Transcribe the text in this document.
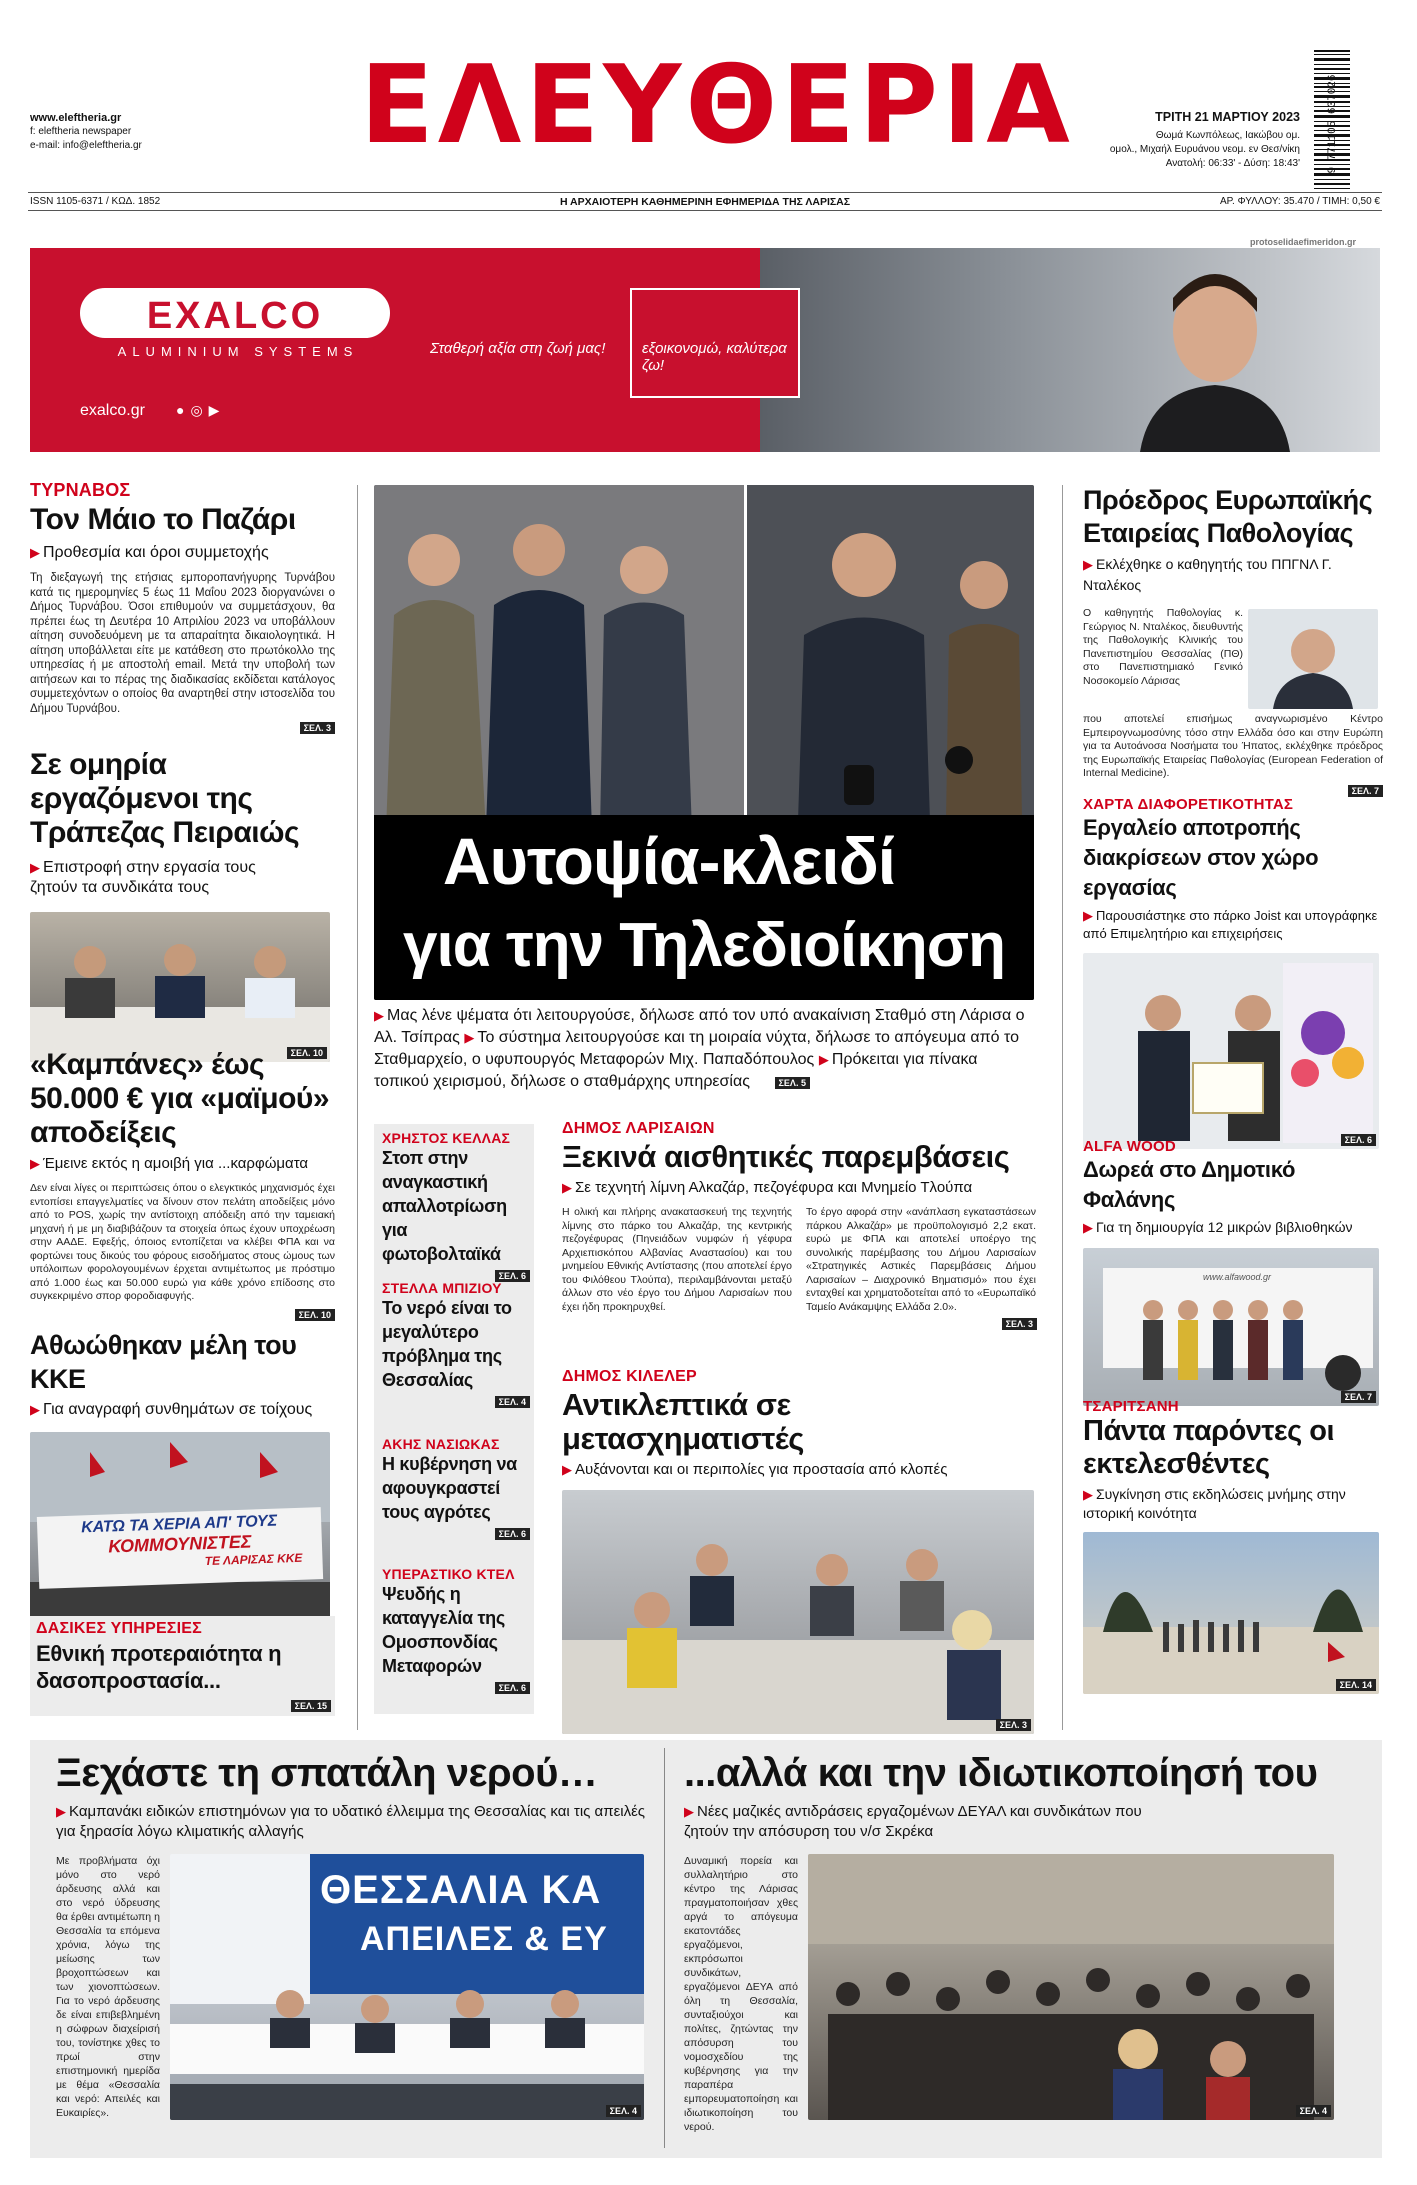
www.eleftheria.gr
f: eleftheria newspaper
e-mail: info@eleftheria.gr ΕΛΕΥΘΕΡΙΑ	ΤΡΙΤΗ 21 ΜΑΡΤΙΟΥ 2023
Θωμά Κωνπόλεως, Ιακώβου ομ.
ομολ., Μιχαήλ Ευρυάνου νεομ. εν Θεσ/νίκη
Ανατολή: 06:33' - Δύση: 18:43' 9 771105 637026
ISSN 1105-6371 / ΚΩΔ. 1852	Η ΑΡΧΑΙΟΤΕΡΗ ΚΑΘΗΜΕΡΙΝΗ ΕΦΗΜΕΡΙΔΑ ΤΗΣ ΛΑΡΙΣΑΣ	ΑΡ. ΦΥΛΛΟΥ: 35.470 / ΤΙΜΗ: 0,50 €
protoselidaefimeridon.gr
EXALCO
ALUMINIUM SYSTEMS
exalco.gr ●◎▶
Σταθερή αξία στη ζωή μας!	εξοικονομώ, καλύτερα ζω!
ΤΥΡΝΑΒΟΣ
Τον Μάιο το Παζάρι
▶ Προθεσμία και όροι συμμετοχής
Τη διεξαγωγή της ετήσιας εμποροπανήγυρης Τυρνάβου κατά τις ημερομηνίες 5 έως 11 Μαΐου 2023 διοργανώνει ο Δήμος Τυρνάβου. Όσοι επιθυμούν να συμμετάσχουν, θα πρέπει έως τη Δευτέρα 10 Απριλίου 2023 να υποβάλλουν αίτηση συνοδευόμενη με τα απαραίτητα δικαιολογητικά. Η αίτηση υποβάλλεται είτε με κατάθεση στο πρωτόκολλο της υπηρεσίας ή με αποστολή email. Μετά την υποβολή των αιτήσεων και το πέρας της διαδικασίας εκδίδεται κατάλογος συμμετεχόντων ο οποίος θα αναρτηθεί στην ιστοσελίδα του Δήμου Τυρνάβου.
ΣΕΛ. 3
Σε ομηρία εργαζόμενοι της Τράπεζας Πειραιώς
▶ Επιστροφή στην εργασία τους ζητούν τα συνδικάτα τους
ΣΕΛ. 10
«Καμπάνες» έως 50.000 € για «μαϊμού» αποδείξεις
▶ Έμεινε εκτός η αμοιβή για ...καρφώματα
Δεν είναι λίγες οι περιπτώσεις όπου ο ελεγκτικός μηχανισμός έχει εντοπίσει επαγγελματίες να δίνουν στον πελάτη αποδείξεις μόνο από το POS, χωρίς την αντίστοιχη απόδειξη από την ταμειακή μηχανή ή με μη διαβιβάζουν τα στοιχεία όπως έχουν υποχρέωση στην ΑΑΔΕ. Εφεξής, όποιος εντοπίζεται να κλέβει ΦΠΑ και να φορτώνει τους δικούς του φόρους εισοδήματος στους ώμους των υπόλοιπων φορολογουμένων έρχεται αντιμέτωπος με πρόστιμο από 1.000 έως και 50.000 ευρώ για κάθε χρόνο επίδοσης στο συγκεκριμένο σπορ φοροδιαφυγής.
ΣΕΛ. 10
Αθωώθηκαν μέλη του ΚΚΕ
▶ Για αναγραφή συνθημάτων σε τοίχους
ΚΑΤΩ ΤΑ ΧΕΡΙΑ ΑΠ' ΤΟΥΣ
ΚΟΜΜΟΥΝΙΣΤΕΣ
ΤΕ ΛΑΡΙΣΑΣ ΚΚΕ
ΔΑΣΙΚΕΣ ΥΠΗΡΕΣΙΕΣ
Εθνική προτεραιότητα η δασοπροστασία...
ΣΕΛ. 15
Αυτοψία-κλειδί
για την Τηλεδιοίκηση
▶ Μας λένε ψέματα ότι λειτουργούσε, δήλωσε από τον υπό ανακαίνιση Σταθμό στη Λάρισα ο Αλ. Τσίπρας ▶ Το σύστημα λειτουργούσε και τη μοιραία νύχτα, δήλωσε το απόγευμα από το Σταθμαρχείο, ο υφυπουργός Μεταφορών Μιχ. Παπαδόπουλος ▶ Πρόκειται για πίνακα τοπικού χειρισμού, δήλωσε ο σταθμάρχης υπηρεσίας	ΣΕΛ. 5
ΧΡΗΣΤΟΣ ΚΕΛΛΑΣ
Στοπ στην αναγκαστική απαλλοτρίωση για φωτοβολταϊκά
ΣΕΛ. 6
ΣΤΕΛΛΑ ΜΠΙΖΙΟΥ
Το νερό είναι το μεγαλύτερο πρόβλημα της Θεσσαλίας
ΣΕΛ. 4
ΑΚΗΣ ΝΑΣΙΩΚΑΣ
Η κυβέρνηση να αφουγκραστεί τους αγρότες
ΣΕΛ. 6
ΥΠΕΡΑΣΤΙΚΟ ΚΤΕΛ
Ψευδής η καταγγελία της Ομοσπονδίας Μεταφορών
ΣΕΛ. 6
ΔΗΜΟΣ ΛΑΡΙΣΑΙΩΝ
Ξεκινά αισθητικές παρεμβάσεις
▶ Σε τεχνητή λίμνη Αλκαζάρ, πεζογέφυρα και Μνημείο Τλούπα
Η ολική και πλήρης ανακατασκευή της τεχνητής λίμνης στο πάρκο του Αλκαζάρ, της κεντρικής πεζογέφυρας (Πηνειάδων νυμφών ή γέφυρα Αρχιεπισκόπου Αλβανίας Αναστασίου) και του μνημείου Εθνικής Αντίστασης (που αποτελεί έργο του Φιλόθεου Τλούπα), περιλαμβάνονται μεταξύ άλλων στο νέο έργο του Δήμου Λαρισαίων που έχει ήδη προκηρυχθεί.
Το έργο αφορά στην «ανάπλαση εγκαταστάσεων πάρκου Αλκαζάρ» με προϋπολογισμό 2,2 εκατ. ευρώ με ΦΠΑ και αποτελεί υποέργο της συνολικής παρέμβασης του Δήμου Λαρισαίων «Στρατηγικές Αστικές Παρεμβάσεις Δήμου Λαρισαίων – Διαχρονικό Βηματισμό» που έχει ενταχθεί και χρηματοδοτείται από το «Ευρωπαϊκό Ταμείο Ανάκαμψης Ελλάδα 2.0».
ΣΕΛ. 3
ΔΗΜΟΣ ΚΙΛΕΛΕΡ
Αντικλεπτικά σε μετασχηματιστές
▶ Αυξάνονται και οι περιπολίες για προστασία από κλοπές
ΣΕΛ. 3
Πρόεδρος Ευρωπαϊκής Εταιρείας Παθολογίας
▶ Εκλέχθηκε ο καθηγητής του ΠΠΓΝΛ Γ. Νταλέκος
Ο καθηγητής Παθολογίας κ. Γεώργιος Ν. Νταλέκος, διευθυντής της Παθολογικής Κλινικής του Πανεπιστημίου Θεσσαλίας (ΠΘ) στο Πανεπιστημιακό Γενικό Νοσοκομείο Λάρισας
που αποτελεί επισήμως αναγνωρισμένο Κέντρο Εμπειρογνωμοσύνης τόσο στην Ελλάδα όσο και στην Ευρώπη για τα Αυτοάνοσα Νοσήματα του Ήπατος, εκλέχθηκε πρόεδρος της Ευρωπαϊκής Εταιρείας Παθολογίας (European Federation of Internal Medicine).
ΣΕΛ. 7
ΧΑΡΤΑ ΔΙΑΦΟΡΕΤΙΚΟΤΗΤΑΣ
Εργαλείο αποτροπής διακρίσεων στον χώρο εργασίας
▶ Παρουσιάστηκε στο πάρκο Joist και υπογράφηκε από Επιμελητήριο και επιχειρήσεις
ΣΕΛ. 6
ALFA WOOD
Δωρεά στο Δημοτικό Φαλάνης
▶ Για τη δημιουργία 12 μικρών βιβλιοθηκών
www.alfawood.gr
ΣΕΛ. 7
ΤΣΑΡΙΤΣΑΝΗ
Πάντα παρόντες οι εκτελεσθέντες
▶ Συγκίνηση στις εκδηλώσεις μνήμης στην ιστορική κοινότητα
ΣΕΛ. 14
Ξεχάστε τη σπατάλη νερού…
▶ Καμπανάκι ειδικών επιστημόνων για το υδατικό έλλειμμα της Θεσσαλίας και τις απειλές για ξηρασία λόγω κλιματικής αλλαγής
Με προβλήματα όχι μόνο στο νερό άρδευσης αλλά και στο νερό ύδρευσης θα έρθει αντιμέτωπη η Θεσσαλία τα επόμενα χρόνια, λόγω της μείωσης των βροχοπτώσεων και των χιονοπτώσεων. Για το νερό άρδευσης δε είναι επιβεβλημένη η σώφρων διαχείρισή του, τονίστηκε χθες το πρωί στην επιστημονική ημερίδα με θέμα «Θεσσαλία και νερό: Απειλές και Ευκαιρίες».
ΘΕΣΣΑΛΙΑ ΚΑ
ΑΠΕΙΛΕΣ & ΕΥ
ΣΕΛ. 4
...αλλά και την ιδιωτικοποίησή του
▶ Νέες μαζικές αντιδράσεις εργαζομένων ΔΕΥΑΛ και συνδικάτων που ζητούν την απόσυρση του ν/σ Σκρέκα
Δυναμική πορεία και συλλαλητήριο στο κέντρο της Λάρισας πραγματοποιήσαν χθες αργά το απόγευμα εκατοντάδες εργαζόμενοι, εκπρόσωποι συνδικάτων, εργαζόμενοι ΔΕΥΑ από όλη τη Θεσσαλία, συνταξιούχοι και πολίτες, ζητώντας την απόσυρση του νομοσχεδίου της κυβέρνησης για την παραπέρα εμπορευματοποίηση και ιδιωτικοποίηση του νερού.
ΣΕΛ. 4
